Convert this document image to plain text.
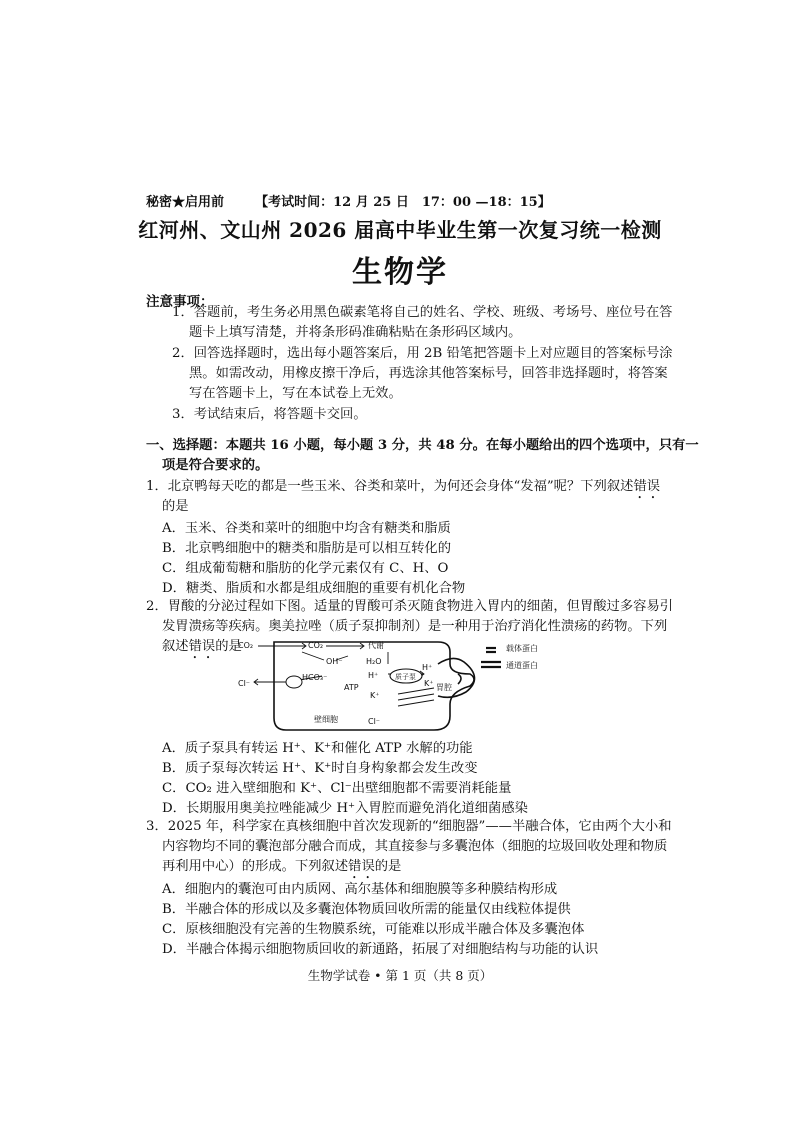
秘密★启用前 【考试时间：12 月 25 日　17：00 —18：15】
红河州、文山州 2026 届高中毕业生第一次复习统一检测
生物学
注意事项：
1．答题前，考生务必用黑色碳素笔将自己的姓名、学校、班级、考场号、座位号在答
题卡上填写清楚，并将条形码准确粘贴在条形码区域内。
2．回答选择题时，选出每小题答案后，用 2B 铅笔把答题卡上对应题目的答案标号涂
黑。如需改动，用橡皮擦干净后，再选涂其他答案标号，回答非选择题时，将答案
写在答题卡上，写在本试卷上无效。
3．考试结束后，将答题卡交回。
一、选择题：本题共 16 小题，每小题 3 分，共 48 分。在每小题给出的四个选项中，只有一
项是符合要求的。
1．北京鸭每天吃的都是一些玉米、谷类和菜叶，为何还会身体“发福”呢？下列叙述错误
的是
A．玉米、谷类和菜叶的细胞中均含有糖类和脂质
B．北京鸭细胞中的糖类和脂肪是可以相互转化的
C．组成葡萄糖和脂肪的化学元素仅有 C、H、O
D．糖类、脂质和水都是组成细胞的重要有机化合物
2．胃酸的分泌过程如下图。适量的胃酸可杀灭随食物进入胃内的细菌，但胃酸过多容易引
发胃溃疡等疾病。奥美拉唑（质子泵抑制剂）是一种用于治疗消化性溃疡的药物。下列
叙述错误的是
CO₂	CO₂	代谢
OH⁻	H₂O
H⁺
Cl⁻
HCO₃⁻	质子泵
H⁺
K⁺
ATP
K⁺
胃腔
壁细胞	Cl⁻
载体蛋白
通道蛋白
A．质子泵具有转运 H⁺、K⁺和催化 ATP 水解的功能
B．质子泵每次转运 H⁺、K⁺时自身构象都会发生改变
C．CO₂ 进入壁细胞和 K⁺、Cl⁻出壁细胞都不需要消耗能量
D．长期服用奥美拉唑能减少 H⁺入胃腔而避免消化道细菌感染
3．2025 年，科学家在真核细胞中首次发现新的“细胞器”——半融合体，它由两个大小和
内容物均不同的囊泡部分融合而成，其直接参与多囊泡体（细胞的垃圾回收处理和物质
再利用中心）的形成。下列叙述错误的是
A．细胞内的囊泡可由内质网、高尔基体和细胞膜等多种膜结构形成
B．半融合体的形成以及多囊泡体物质回收所需的能量仅由线粒体提供
C．原核细胞没有完善的生物膜系统，可能难以形成半融合体及多囊泡体
D．半融合体揭示细胞物质回收的新通路，拓展了对细胞结构与功能的认识
生物学试卷 • 第 1 页（共 8 页）
